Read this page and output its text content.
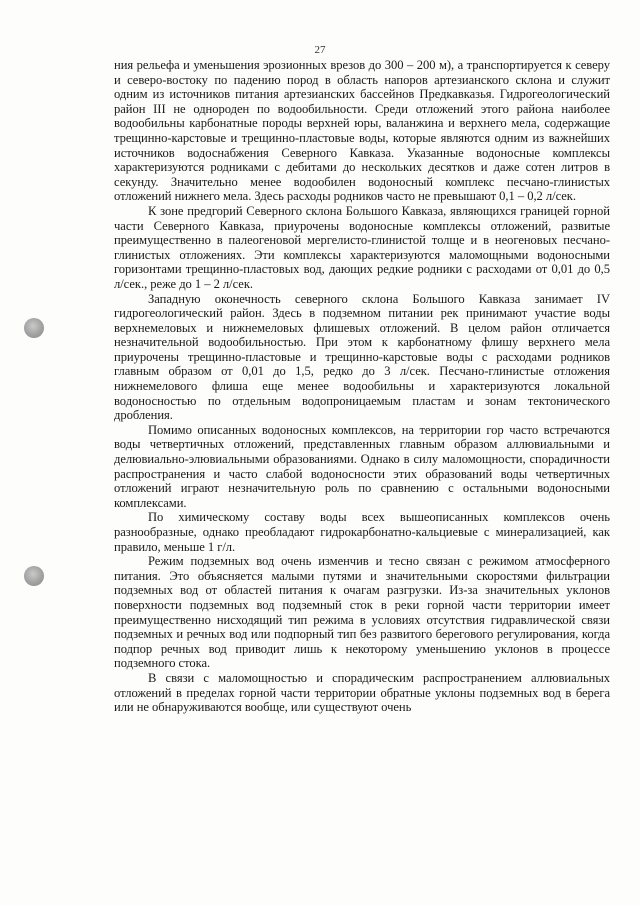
27

ния рельефа и уменьшения эрозионных врезов до 300 – 200 м), а транспортируется к северу и северо-востоку по падению пород в область напоров артезианского склона и служит одним из источников питания артезианских бассейнов Предкавказья. Гидрогеологический район III не однороден по водообильности. Среди отложений этого района наиболее водообильны карбонатные породы верхней юры, валанжина и верхнего мела, содержащие трещинно-карстовые и трещинно-пластовые воды, которые являются одним из важнейших источников водоснабжения Северного Кавказа. Указанные водоносные комплексы характеризуются родниками с дебитами до нескольких десятков и даже сотен литров в секунду. Значительно менее водообилен водоносный комплекс песчано-глинистых отложений нижнего мела. Здесь расходы родников часто не превышают 0,1 – 0,2 л/сек.

К зоне предгорий Северного склона Большого Кавказа, являющихся границей горной части Северного Кавказа, приурочены водоносные комплексы отложений, развитые преимущественно в палеогеновой мергелисто-глинистой толще и в неогеновых песчано-глинистых отложениях. Эти комплексы характеризуются маломощными водоносными горизонтами трещинно-пластовых вод, дающих редкие родники с расходами от 0,01 до 0,5 л/сек., реже до 1 – 2 л/сек.

Западную оконечность северного склона Большого Кавказа занимает IV гидрогеологический район. Здесь в подземном питании рек принимают участие воды верхнемеловых и нижнемеловых флишевых отложений. В целом район отличается незначительной водообильностью. При этом к карбонатному флишу верхнего мела приурочены трещинно-пластовые и трещинно-карстовые воды с расходами родников главным образом от 0,01 до 1,5, редко до 3 л/сек. Песчано-глинистые отложения нижнемелового флиша еще менее водообильны и характеризуются локальной водоносностью по отдельным водопроницаемым пластам и зонам тектонического дробления.

Помимо описанных водоносных комплексов, на территории гор часто встречаются воды четвертичных отложений, представленных главным образом аллювиальными и делювиально-элювиальными образованиями. Однако в силу маломощности, спорадичности распространения и часто слабой водоносности этих образований воды четвертичных отложений играют незначительную роль по сравнению с остальными водоносными комплексами.

По химическому составу воды всех вышеописанных комплексов очень разнообразные, однако преобладают гидрокарбонатно-кальциевые с минерализацией, как правило, меньше 1 г/л.

Режим подземных вод очень изменчив и тесно связан с режимом атмосферного питания. Это объясняется малыми путями и значительными скоростями фильтрации подземных вод от областей питания к очагам разгрузки. Из-за значительных уклонов поверхности подземных вод подземный сток в реки горной части территории имеет преимущественно нисходящий тип режима в условиях отсутствия гидравлической связи подземных и речных вод или подпорный тип без развитого берегового регулирования, когда подпор речных вод приводит лишь к некоторому уменьшению уклонов в процессе подземного стока.

В связи с маломощностью и спорадическим распространением аллювиальных отложений в пределах горной части территории обратные уклоны подземных вод в берега или не обнаруживаются вообще, или существуют очень
